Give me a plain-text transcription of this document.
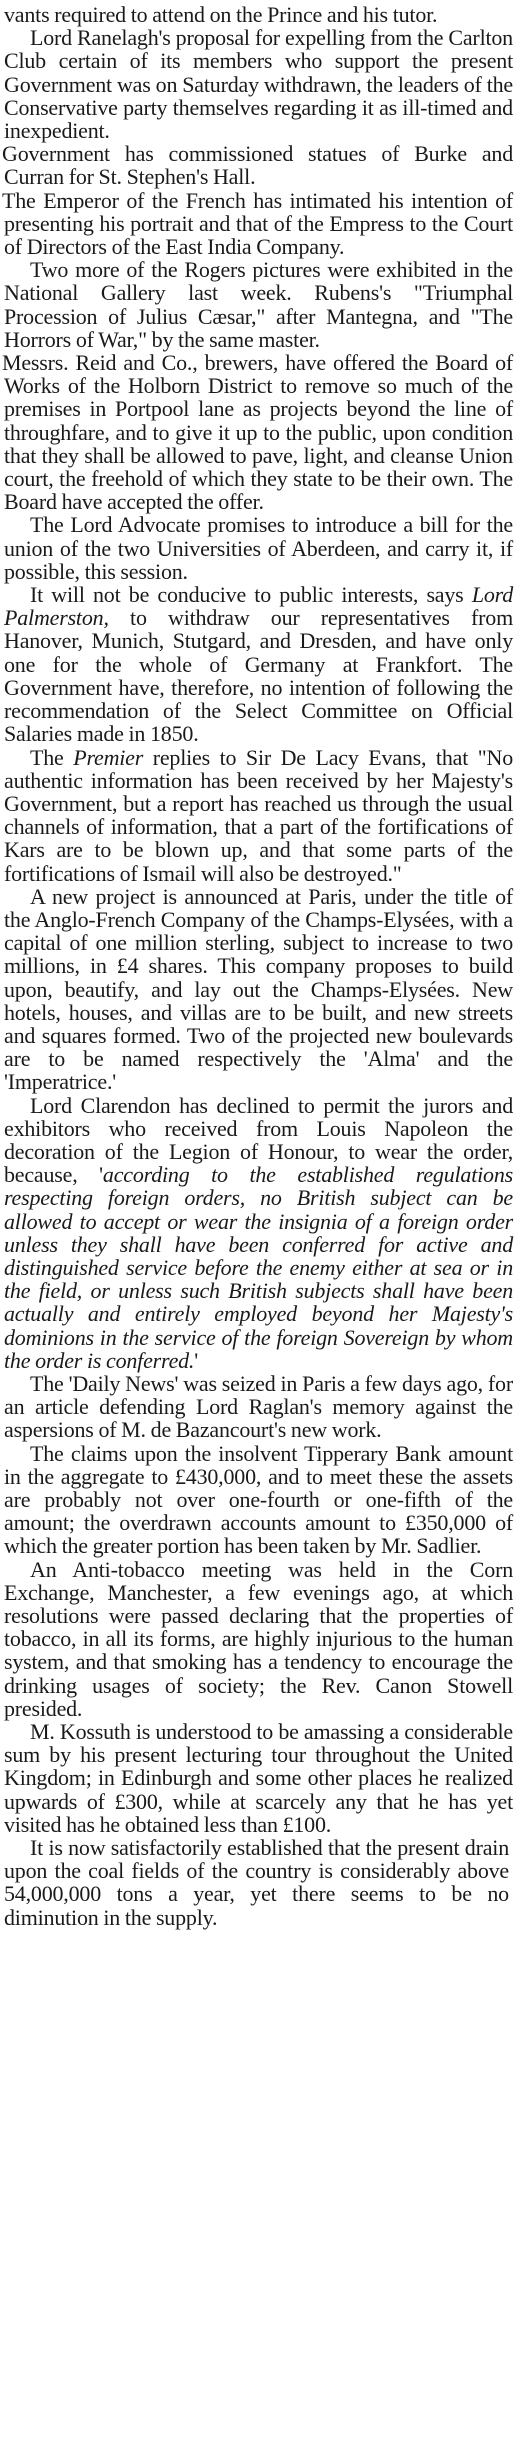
vants required to attend on the Prince and his tutor.

Lord Ranelagh's proposal for expelling from the Carlton Club certain of its members who support the present Government was on Saturday withdrawn, the leaders of the Conservative party themselves regarding it as ill-timed and inexpedient.

Government has commissioned statues of Burke and Curran for St. Stephen's Hall.

The Emperor of the French has intimated his intention of presenting his portrait and that of the Empress to the Court of Directors of the East India Company.

Two more of the Rogers pictures were exhibited in the National Gallery last week. Rubens's "Triumphal Procession of Julius Cæsar," after Mantegna, and "The Horrors of War," by the same master.

Messrs. Reid and Co., brewers, have offered the Board of Works of the Holborn District to remove so much of the premises in Portpool lane as projects beyond the line of throughfare, and to give it up to the public, upon condition that they shall be allowed to pave, light, and cleanse Union court, the freehold of which they state to be their own. The Board have accepted the offer.

The Lord Advocate promises to introduce a bill for the union of the two Universities of Aberdeen, and carry it, if possible, this session.

It will not be conducive to public interests, says Lord Palmerston, to withdraw our representatives from Hanover, Munich, Stutgard, and Dresden, and have only one for the whole of Germany at Frankfort. The Government have, therefore, no intention of following the recommendation of the Select Committee on Official Salaries made in 1850.

The Premier replies to Sir De Lacy Evans, that "No authentic information has been received by her Majesty's Government, but a report has reached us through the usual channels of information, that a part of the fortifications of Kars are to be blown up, and that some parts of the fortifications of Ismail will also be destroyed."

A new project is announced at Paris, under the title of the Anglo-French Company of the Champs-Elysées, with a capital of one million sterling, subject to increase to two millions, in £4 shares. This company proposes to build upon, beautify, and lay out the Champs-Elysées. New hotels, houses, and villas are to be built, and new streets and squares formed. Two of the projected new boulevards are to be named respectively the 'Alma' and the 'Imperatrice.'

Lord Clarendon has declined to permit the jurors and exhibitors who received from Louis Napoleon the decoration of the Legion of Honour, to wear the order, because, 'according to the established regulations respecting foreign orders, no British subject can be allowed to accept or wear the insignia of a foreign order unless they shall have been conferred for active and distinguished service before the enemy either at sea or in the field, or unless such British subjects shall have been actually and entirely employed beyond her Majesty's dominions in the service of the foreign Sovereign by whom the order is conferred.'

The 'Daily News' was seized in Paris a few days ago, for an article defending Lord Raglan's memory against the aspersions of M. de Bazancourt's new work.

The claims upon the insolvent Tipperary Bank amount in the aggregate to £430,000, and to meet these the assets are probably not over one-fourth or one-fifth of the amount; the overdrawn accounts amount to £350,000 of which the greater portion has been taken by Mr. Sadlier.

An Anti-tobacco meeting was held in the Corn Exchange, Manchester, a few evenings ago, at which resolutions were passed declaring that the properties of tobacco, in all its forms, are highly injurious to the human system, and that smoking has a tendency to encourage the drinking usages of society; the Rev. Canon Stowell presided.

M. Kossuth is understood to be amassing a considerable sum by his present lecturing tour throughout the United Kingdom; in Edinburgh and some other places he realized upwards of £300, while at scarcely any that he has yet visited has he obtained less than £100.

It is now satisfactorily established that the present drain upon the coal fields of the country is considerably above 54,000,000 tons a year, yet there seems to be no diminution in the supply.
